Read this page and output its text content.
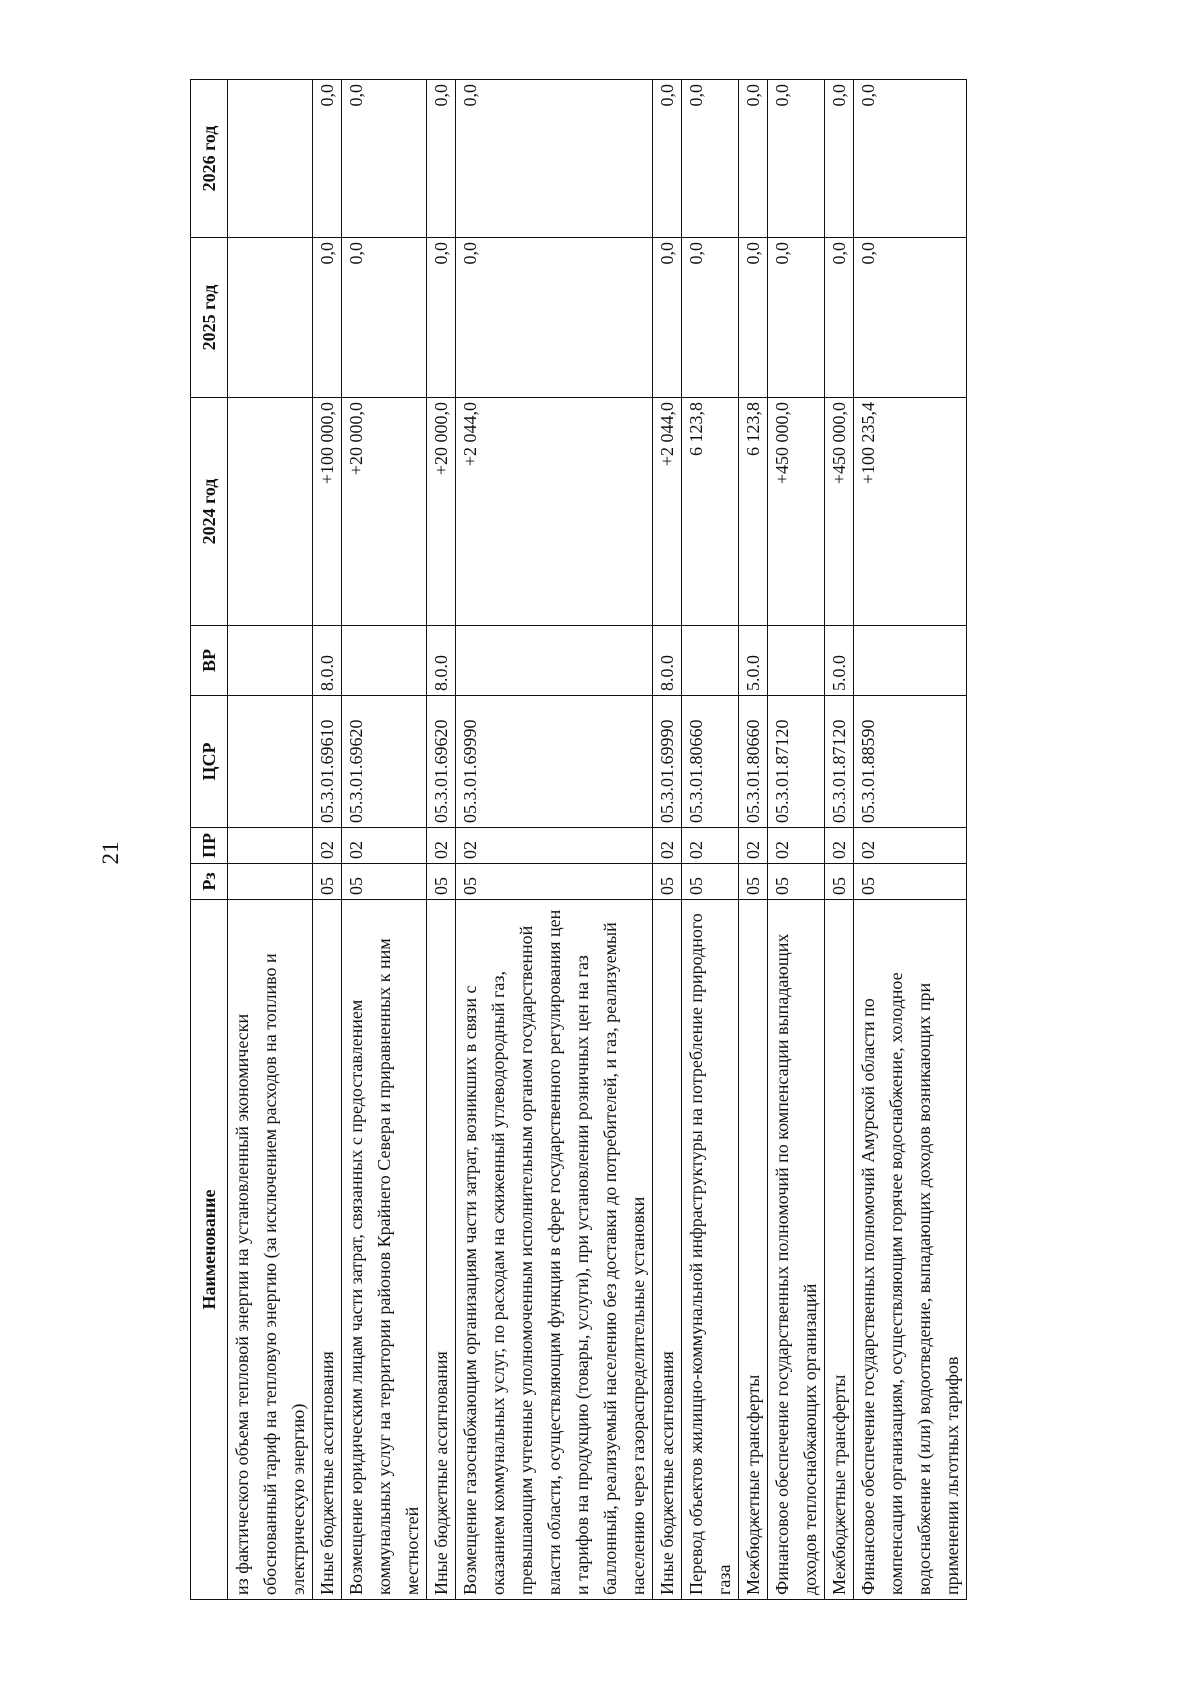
21
Наименование	Рз	ПР	ЦСР	ВР	2024 год	2025 год	2026 год
из фактического объема тепловой энергии на установленный экономически обоснованный тариф на тепловую энергию (за исключением расходов на топливо и электрическую энергию)							
Иные бюджетные ассигнования	05	02	05.3.01.69610	8.0.0	+100 000,0	0,0	0,0
Возмещение юридическим лицам части затрат, связанных с предоставлением коммунальных услуг на территории районов Крайнего Севера и приравненных к ним местностей	05	02	05.3.01.69620		+20 000,0	0,0	0,0
Иные бюджетные ассигнования	05	02	05.3.01.69620	8.0.0	+20 000,0	0,0	0,0
Возмещение газоснабжающим организациям части затрат, возникших в связи с оказанием коммунальных услуг, по расходам на сжиженный углеводородный газ, превышающим учтенные уполномоченным исполнительным органом государственной власти области, осуществляющим функции в сфере государственного регулирования цен и тарифов на продукцию (товары, услуги), при установлении розничных цен на газ баллонный, реализуемый населению без доставки до потребителей, и газ, реализуемый населению через газораспределительные установки	05	02	05.3.01.69990		+2 044,0	0,0	0,0
Иные бюджетные ассигнования	05	02	05.3.01.69990	8.0.0	+2 044,0	0,0	0,0
Перевод объектов жилищно-коммунальной инфраструктуры на потребление природного газа	05	02	05.3.01.80660		6 123,8	0,0	0,0
Межбюджетные трансферты	05	02	05.3.01.80660	5.0.0	6 123,8	0,0	0,0
Финансовое обеспечение государственных полномочий по компенсации выпадающих доходов теплоснабжающих организаций	05	02	05.3.01.87120		+450 000,0	0,0	0,0
Межбюджетные трансферты	05	02	05.3.01.87120	5.0.0	+450 000,0	0,0	0,0
Финансовое обеспечение государственных полномочий Амурской области по компенсации организациям, осуществляющим горячее водоснабжение, холодное водоснабжение и (или) водоотведение, выпадающих доходов возникающих при применении льготных тарифов	05	02	05.3.01.88590		+100 235,4	0,0	0,0
